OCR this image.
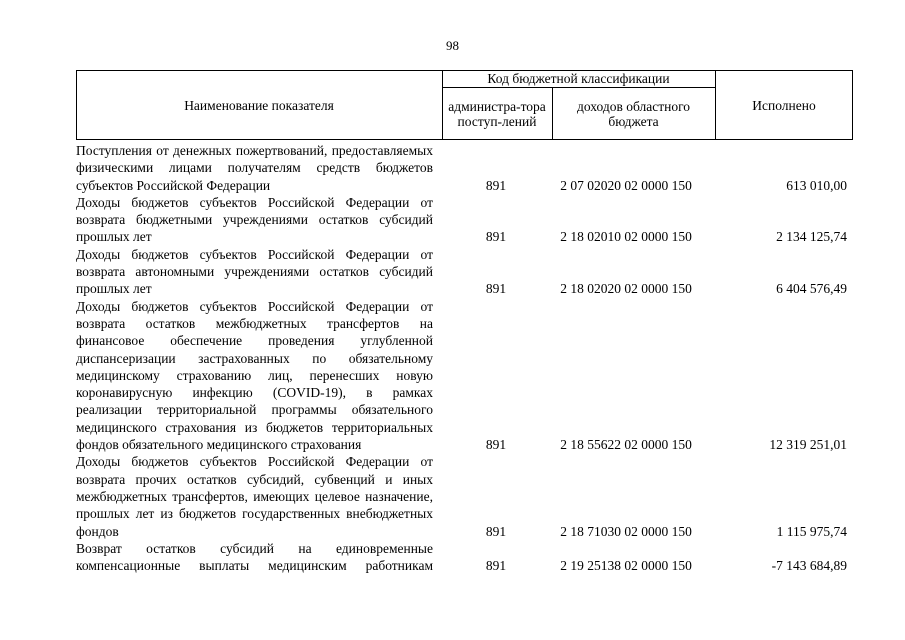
98
Наименование показателя
Код бюджетной классификации
администра-тора поступ-лений
доходов областного бюджета
Исполнено
Поступления от денежных пожертвований, предоставляемых физическими лицами получателям средств бюджетов субъектов Российской Федерации	891	2 07 02020 02 0000 150	613 010,00
Доходы бюджетов субъектов Российской Федерации от возврата бюджетными учреждениями остатков субсидий прошлых лет	891	2 18 02010 02 0000 150	2 134 125,74
Доходы бюджетов субъектов Российской Федерации от возврата автономными учреждениями остатков субсидий прошлых лет	891	2 18 02020 02 0000 150	6 404 576,49
Доходы бюджетов субъектов Российской Федерации от возврата остатков межбюджетных трансфертов на финансовое обеспечение проведения углубленной диспансеризации застрахованных по обязательному медицинскому страхованию лиц, перенесших новую коронавирусную инфекцию (COVID-19), в рамках реализации территориальной программы обязательного медицинского страхования из бюджетов территориальных фондов обязательного медицинского страхования	891	2 18 55622 02 0000 150	12 319 251,01
Доходы бюджетов субъектов Российской Федерации от возврата прочих остатков субсидий, субвенций и иных межбюджетных трансфертов, имеющих целевое назначение, прошлых лет из бюджетов государственных внебюджетных фондов	891	2 18 71030 02 0000 150	1 115 975,74
Возврат остатков субсидий на единовременные компенсационные выплаты медицинским работникам	891	2 19 25138 02 0000 150	-7 143 684,89
